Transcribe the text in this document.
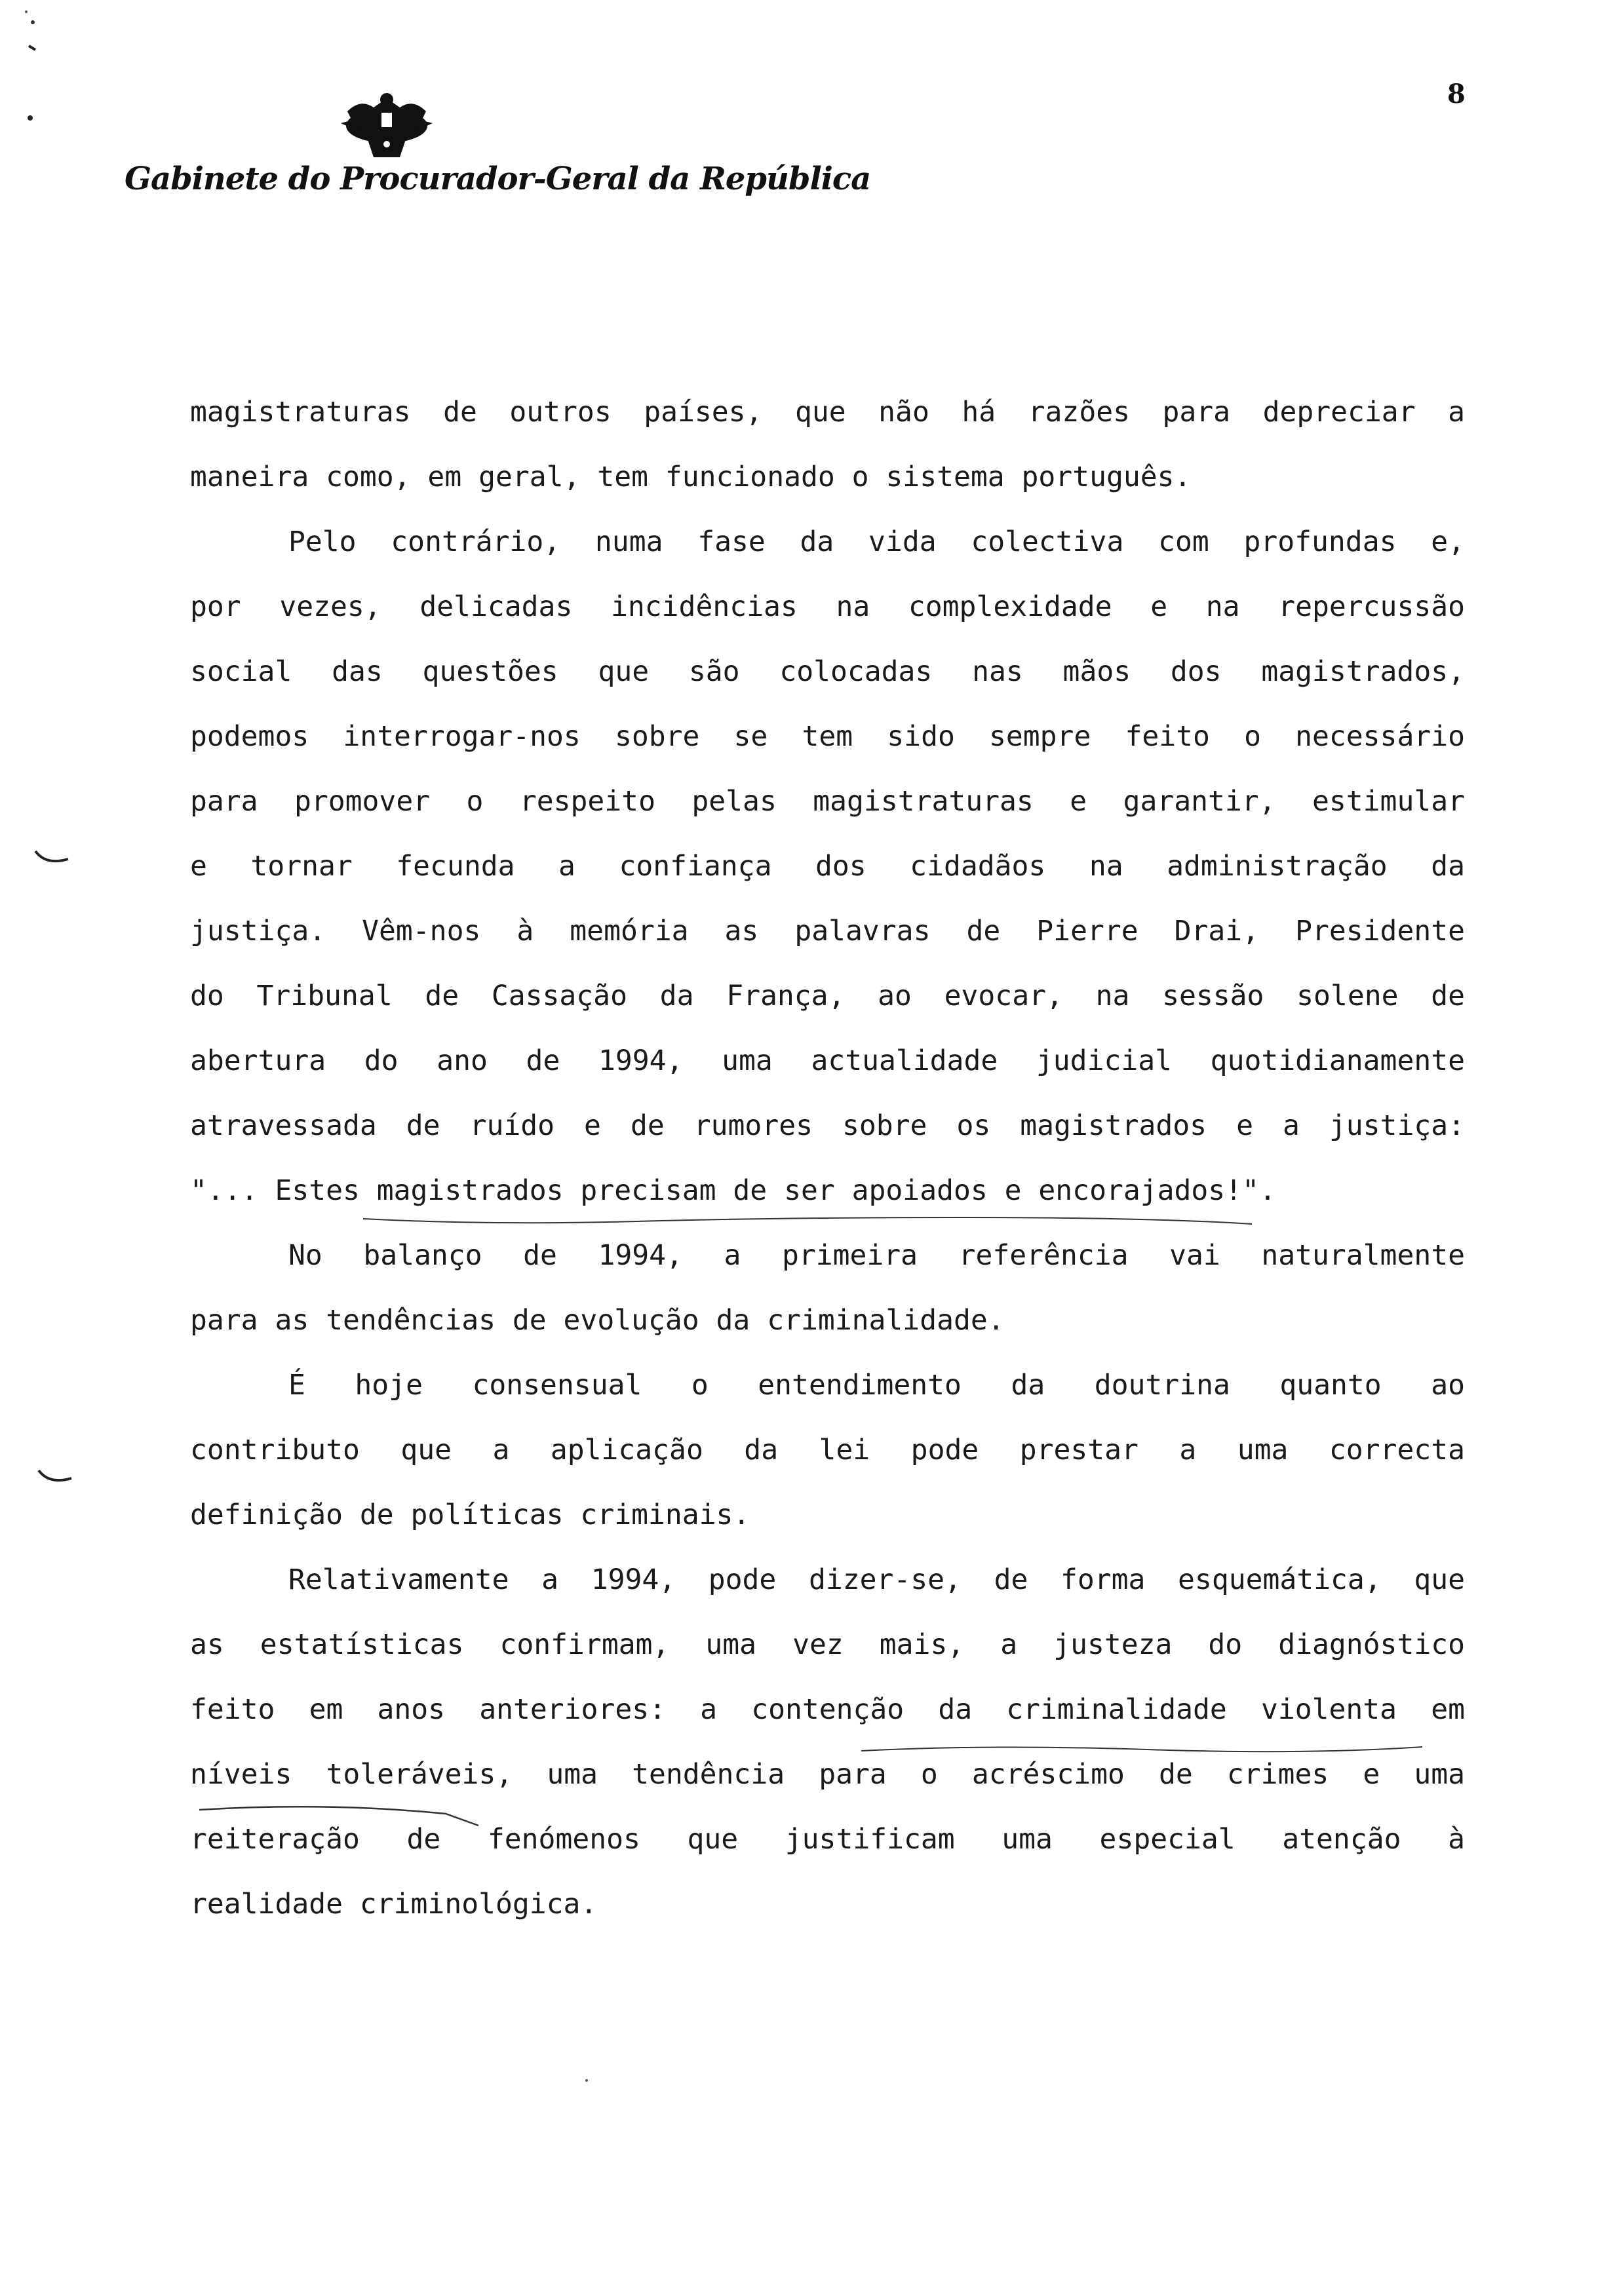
Gabinete do Procurador-Geral da República
8
magistraturas de outros países, que não há razões para depreciar a
maneira como, em geral, tem funcionado o sistema português.
Pelo contrário, numa fase da vida colectiva com profundas e,
por vezes, delicadas incidências na complexidade e na repercussão
social das questões que são colocadas nas mãos dos magistrados,
podemos interrogar-nos sobre se tem sido sempre feito o necessário
para promover o respeito pelas magistraturas e garantir, estimular
e tornar fecunda a confiança dos cidadãos na administração da
justiça. Vêm-nos à memória as palavras de Pierre Drai, Presidente
do Tribunal de Cassação da França, ao evocar, na sessão solene de
abertura do ano de 1994, uma actualidade judicial quotidianamente
atravessada de ruído e de rumores sobre os magistrados e a justiça:
"... Estes magistrados precisam de ser apoiados e encorajados!".
No balanço de 1994, a primeira referência vai naturalmente
para as tendências de evolução da criminalidade.
É hoje consensual o entendimento da doutrina quanto ao
contributo que a aplicação da lei pode prestar a uma correcta
definição de políticas criminais.
Relativamente a 1994, pode dizer-se, de forma esquemática, que
as estatísticas confirmam, uma vez mais, a justeza do diagnóstico
feito em anos anteriores: a contenção da criminalidade violenta em
níveis toleráveis, uma tendência para o acréscimo de crimes e uma
reiteração de fenómenos que justificam uma especial atenção à
realidade criminológica.
